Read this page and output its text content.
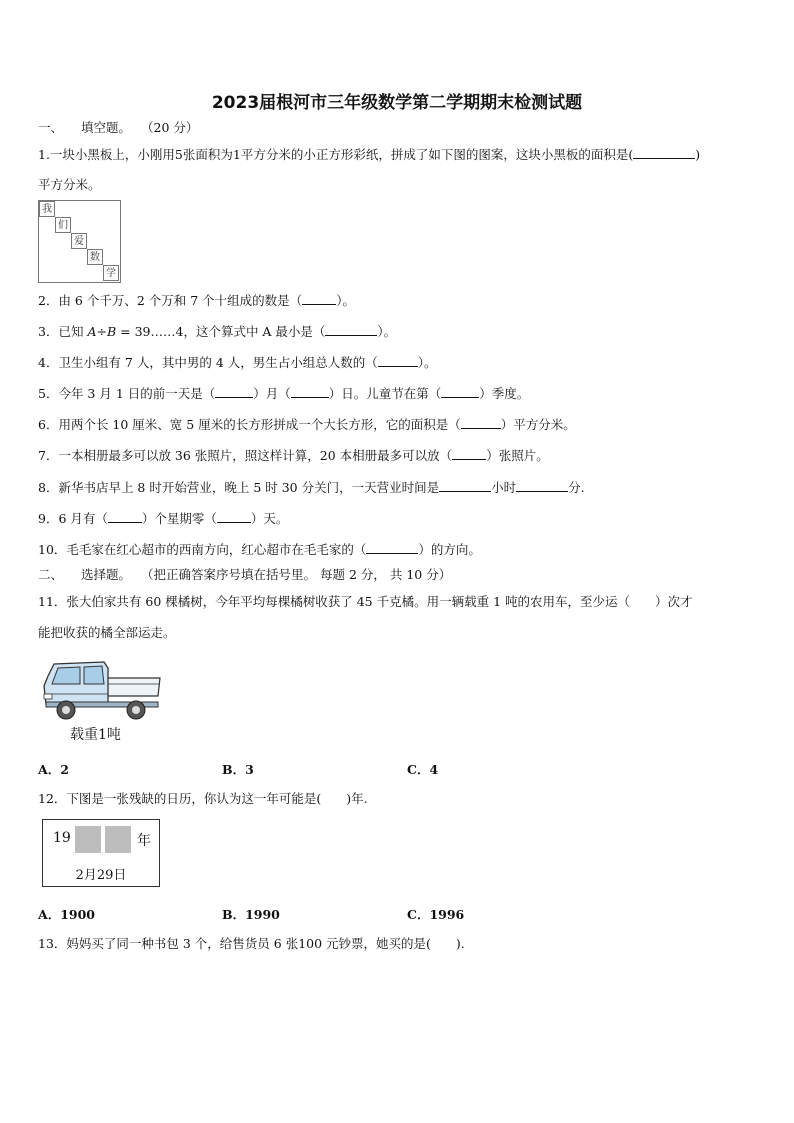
2023届根河市三年级数学第二学期期末检测试题
一、 填空题。 （20 分）
1.一块小黑板上，小刚用5张面积为1平方分米的小正方形彩纸，拼成了如下图的图案，这块小黑板的面积是(	)
平方分米。
我
们
爱
数
学
2．由 6 个千万、2 个万和 7 个十组成的数是（	）。
3．已知 A÷B = 39……4，这个算式中 A 最小是（	）。
4．卫生小组有 7 人，其中男的 4 人，男生占小组总人数的（	）。
5．今年 3 月 1 日的前一天是（	）月（	）日。儿童节在第（	）季度。
6．用两个长 10 厘米、宽 5 厘米的长方形拼成一个大长方形，它的面积是（	）平方分米。
7．一本相册最多可以放 36 张照片，照这样计算，20 本相册最多可以放（	）张照片。
8．新华书店早上 8 时开始营业，晚上 5 时 30 分关门，一天营业时间是	小时	分.
9．6 月有（	）个星期零（	）天。
10．毛毛家在红心超市的西南方向，红心超市在毛毛家的（	）的方向。
二、 选择题。 （把正确答案序号填在括号里。 每题 2 分， 共 10 分）
11．张大伯家共有 60 棵橘树，今年平均每棵橘树收获了 45 千克橘。用一辆载重 1 吨的农用车，至少运（　　）次才
能把收获的橘全部运走。
载重1吨
A．2	B．3	C．4
12．下图是一张残缺的日历，你认为这一年可能是(　　)年.
19	年
2月29日
A．1900	B．1990	C．1996
13．妈妈买了同一种书包 3 个，给售货员 6 张100 元钞票，她买的是(　　).
